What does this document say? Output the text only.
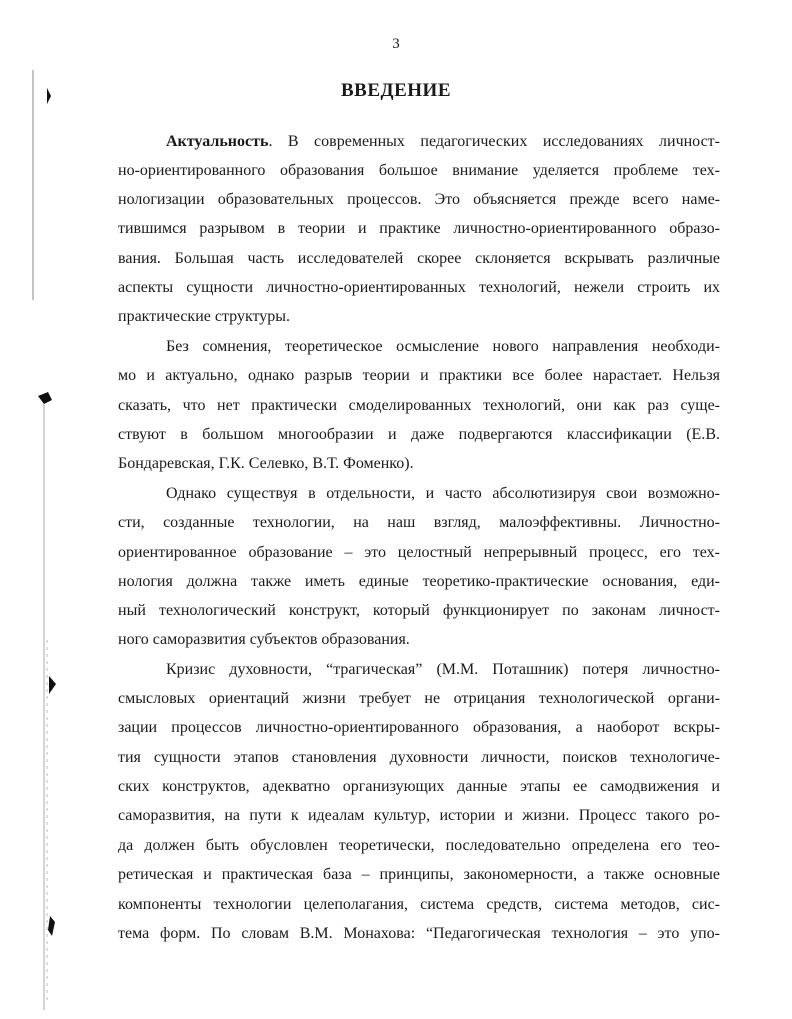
3
ВВЕДЕНИЕ
Актуальность. В современных педагогических исследованиях личност-
но-ориентированного образования большое внимание уделяется проблеме тех-
нологизации образовательных процессов. Это объясняется прежде всего наме-
тившимся разрывом в теории и практике личностно-ориентированного образо-
вания. Большая часть исследователей скорее склоняется вскрывать различные
аспекты сущности личностно-ориентированных технологий, нежели строить их
практические структуры.
Без сомнения, теоретическое осмысление нового направления необходи-
мо и актуально, однако разрыв теории и практики все более нарастает. Нельзя
сказать, что нет практически смоделированных технологий, они как раз суще-
ствуют в большом многообразии и даже подвергаются классификации (Е.В.
Бондаревская, Г.К. Селевко, В.Т. Фоменко).
Однако существуя в отдельности, и часто абсолютизируя свои возможно-
сти, созданные технологии, на наш взгляд, малоэффективны. Личностно-
ориентированное образование – это целостный непрерывный процесс, его тех-
нология должна также иметь единые теоретико-практические основания, еди-
ный технологический конструкт, который функционирует по законам личност-
ного саморазвития субъектов образования.
Кризис духовности, “трагическая” (М.М. Поташник) потеря личностно-
смысловых ориентаций жизни требует не отрицания технологической органи-
зации процессов личностно-ориентированного образования, а наоборот вскры-
тия сущности этапов становления духовности личности, поисков технологиче-
ских конструктов, адекватно организующих данные этапы ее самодвижения и
саморазвития, на пути к идеалам культур, истории и жизни. Процесс такого ро-
да должен быть обусловлен теоретически, последовательно определена его тео-
ретическая и практическая база – принципы, закономерности, а также основные
компоненты технологии целеполагания, система средств, система методов, сис-
тема форм. По словам В.М. Монахова: “Педагогическая технология – это упо-
